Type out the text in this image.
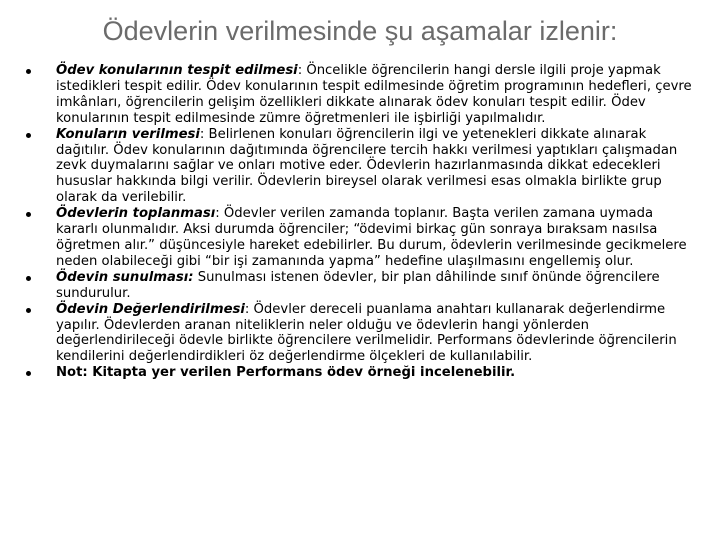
Ödevlerin verilmesinde şu aşamalar izlenir:
Ödev konularının tespit edilmesi: Öncelikle öğrencilerin hangi dersle ilgili proje yapmak istedikleri tespit edilir. Ödev konularının tespit edilmesinde öğretim programının hedefleri, çevre imkânları, öğrencilerin gelişim özellikleri dikkate alınarak ödev konuları tespit edilir. Ödev konularının tespit edilmesinde zümre öğretmenleri ile işbirliği yapılmalıdır.
Konuların verilmesi: Belirlenen konuları öğrencilerin ilgi ve yetenekleri dikkate alınarak dağıtılır. Ödev konularının dağıtımında öğrencilere tercih hakkı verilmesi yaptıkları çalışmadan zevk duymalarını sağlar ve onları motive eder. Ödevlerin hazırlanmasında dikkat edecekleri hususlar hakkında bilgi verilir. Ödevlerin bireysel olarak verilmesi esas olmakla birlikte grup olarak da verilebilir.
Ödevlerin toplanması: Ödevler verilen zamanda toplanır. Başta verilen zamana uymada kararlı olunmalıdır. Aksi durumda öğrenciler; “ödevimi birkaç gün sonraya bıraksam nasılsa öğretmen alır.” düşüncesiyle hareket edebilirler. Bu durum, ödevlerin verilmesinde gecikmelere neden olabileceği gibi “bir işi zamanında yapma” hedefine ulaşılmasını engellemiş olur.
Ödevin sunulması: Sunulması istenen ödevler, bir plan dâhilinde sınıf önünde öğrencilere sundurulur.
Ödevin Değerlendirilmesi: Ödevler dereceli puanlama anahtarı kullanarak değerlendirme yapılır. Ödevlerden aranan niteliklerin neler olduğu ve ödevlerin hangi yönlerden değerlendirileceği ödevle birlikte öğrencilere verilmelidir. Performans ödevlerinde öğrencilerin kendilerini değerlendirdikleri öz değerlendirme ölçekleri de kullanılabilir.
Not: Kitapta yer verilen Performans ödev örneği incelenebilir.
